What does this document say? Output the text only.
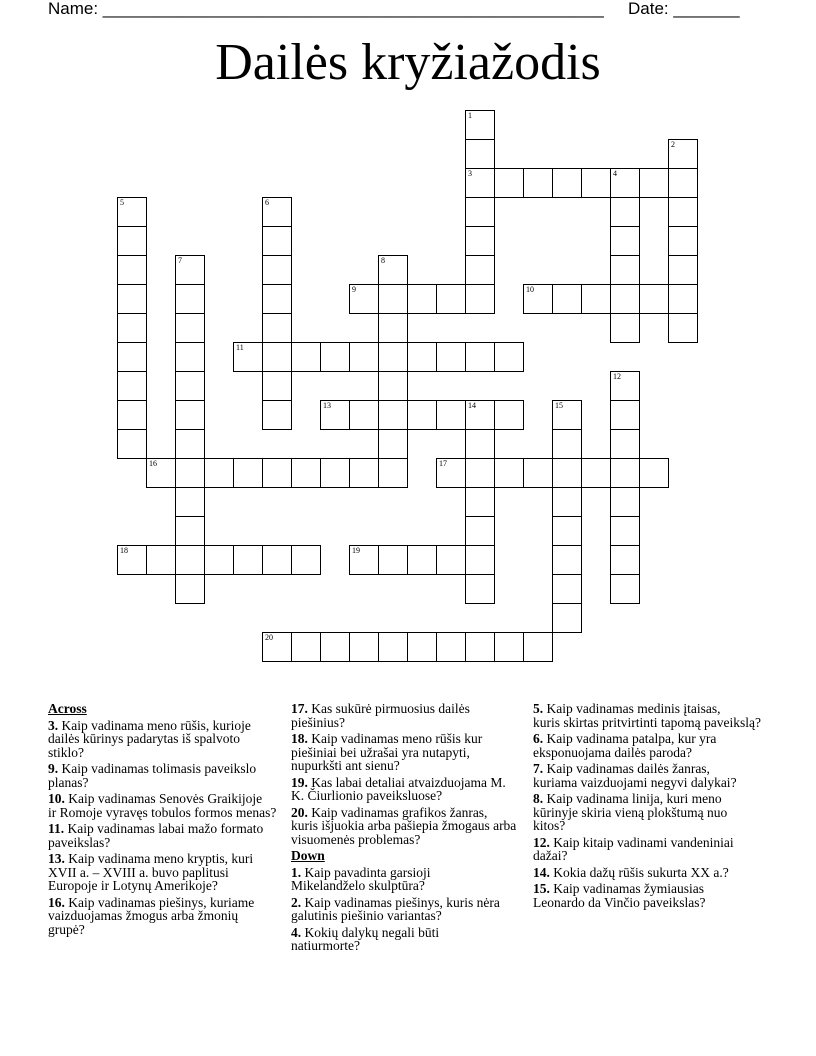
Name: _____________________________________________________ Date: _______
Dailės kryžiažodis
1
3
2
4
5	6
7	8
9	10
11
12
13	14	15
16	17
18	19
20
Across
3. Kaip vadinama meno rūšis, kurioje
dailės kūrinys padarytas iš spalvoto
stiklo?
9. Kaip vadinamas tolimasis paveikslo
planas?
10. Kaip vadinamas Senovės Graikijoje
ir Romoje vyravęs tobulos formos menas?
11. Kaip vadinamas labai mažo formato
paveikslas?
13. Kaip vadinama meno kryptis, kuri
XVII a. – XVIII a. buvo paplitusi
Europoje ir Lotynų Amerikoje?
16. Kaip vadinamas piešinys, kuriame
vaizduojamas žmogus arba žmonių
grupė?
17. Kas sukūrė pirmuosius dailės
piešinius?
18. Kaip vadinamas meno rūšis kur
piešiniai bei užrašai yra nutapyti,
nupurkšti ant sienu?
19. Kas labai detaliai atvaizduojama M.
K. Čiurlionio paveiksluose?
20. Kaip vadinamas grafikos žanras,
kuris išjuokia arba pašiepia žmogaus arba
visuomenės problemas?
Down
1. Kaip pavadinta garsioji
Mikelandželo skulptūra?
2. Kaip vadinamas piešinys, kuris nėra
galutinis piešinio variantas?
4. Kokių dalykų negali būti
natiurmorte?
5. Kaip vadinamas medinis įtaisas,
kuris skirtas pritvirtinti tapomą paveikslą?
6. Kaip vadinama patalpa, kur yra
eksponuojama dailės paroda?
7. Kaip vadinamas dailės žanras,
kuriama vaizduojami negyvi dalykai?
8. Kaip vadinama linija, kuri meno
kūrinyje skiria vieną plokštumą nuo
kitos?
12. Kaip kitaip vadinami vandeniniai
dažai?
14. Kokia dažų rūšis sukurta XX a.?
15. Kaip vadinamas žymiausias
Leonardo da Vinčio paveikslas?
